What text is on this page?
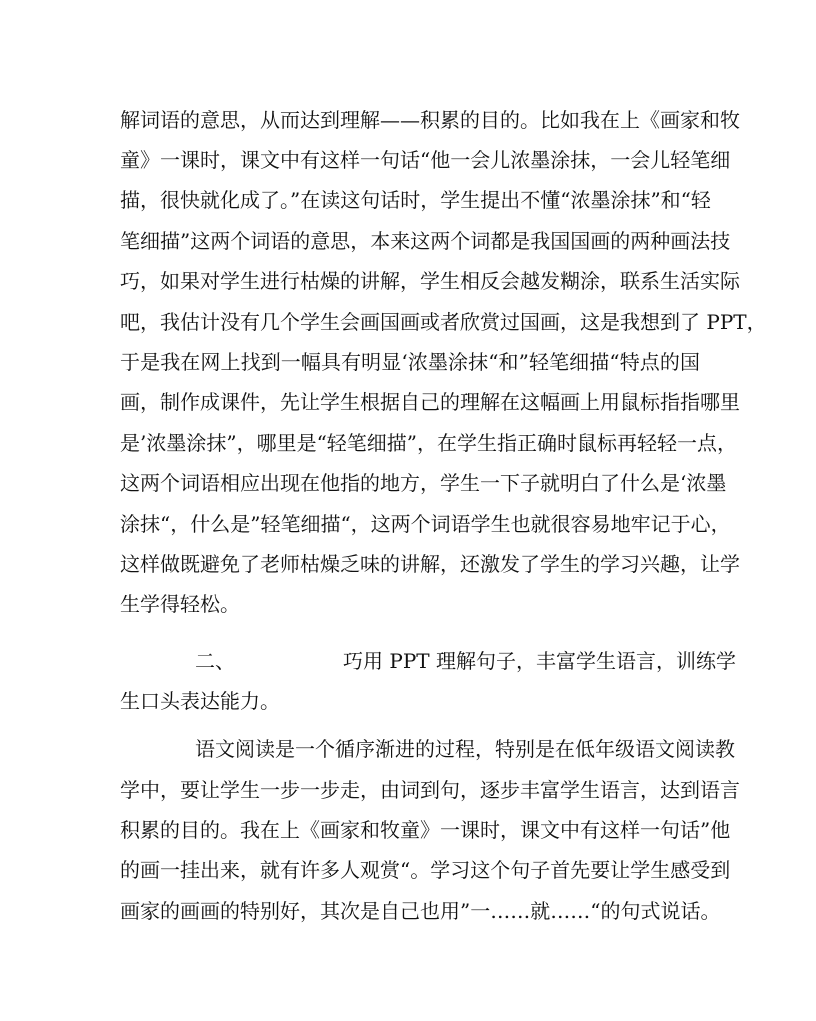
解词语的意思，从而达到理解——积累的目的。比如我在上《画家和牧
童》一课时，课文中有这样一句话“他一会儿浓墨涂抹，一会儿轻笔细
描，很快就化成了。”在读这句话时，学生提出不懂“浓墨涂抹”和“轻
笔细描”这两个词语的意思，本来这两个词都是我国国画的两种画法技
巧，如果对学生进行枯燥的讲解，学生相反会越发糊涂，联系生活实际
吧，我估计没有几个学生会画国画或者欣赏过国画，这是我想到了 PPT，
于是我在网上找到一幅具有明显‘浓墨涂抹“和”轻笔细描“特点的国
画，制作成课件，先让学生根据自己的理解在这幅画上用鼠标指指哪里
是’浓墨涂抹”，哪里是“轻笔细描”，在学生指正确时鼠标再轻轻一点，
这两个词语相应出现在他指的地方，学生一下子就明白了什么是‘浓墨
涂抹“，什么是”轻笔细描“，这两个词语学生也就很容易地牢记于心，
这样做既避免了老师枯燥乏味的讲解，还激发了学生的学习兴趣，让学
生学得轻松。
二、	巧用 PPT 理解句子，丰富学生语言，训练学
生口头表达能力。
语文阅读是一个循序渐进的过程，特别是在低年级语文阅读教
学中，要让学生一步一步走，由词到句，逐步丰富学生语言，达到语言
积累的目的。我在上《画家和牧童》一课时，课文中有这样一句话”他
的画一挂出来，就有许多人观赏“。学习这个句子首先要让学生感受到
画家的画画的特别好，其次是自己也用”一……就……“的句式说话。
